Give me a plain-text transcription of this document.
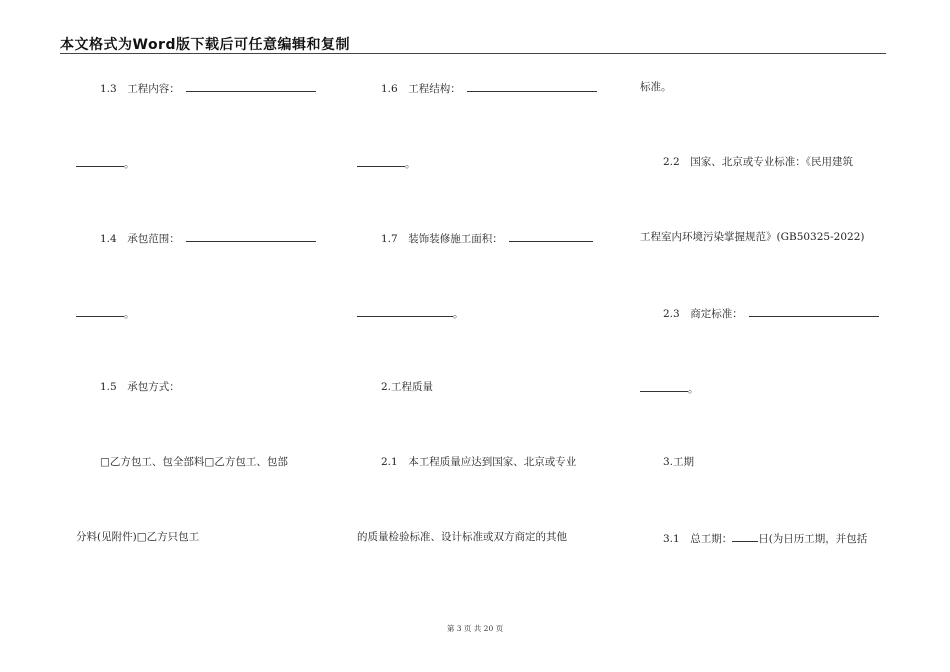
本文格式为Word版下载后可任意编辑和复制
1.3　工程内容：
。
1.4　承包范围：
。
1.5　承包方式：
□乙方包工、包全部料□乙方包工、包部
分料(见附件)□乙方只包工
1.6　工程结构：
。
1.7　装饰装修施工面积：
。
2.工程质量
2.1　本工程质量应达到国家、北京或专业
的质量检验标准、设计标准或双方商定的其他
标准。
2.2　国家、北京或专业标准：《民用建筑
工程室内环境污染掌握规范》(GB50325-2022)
2.3　商定标准：
。
3.工期
3.1　总工期： 日(为日历工期，并包括
第 3 页 共 20 页
